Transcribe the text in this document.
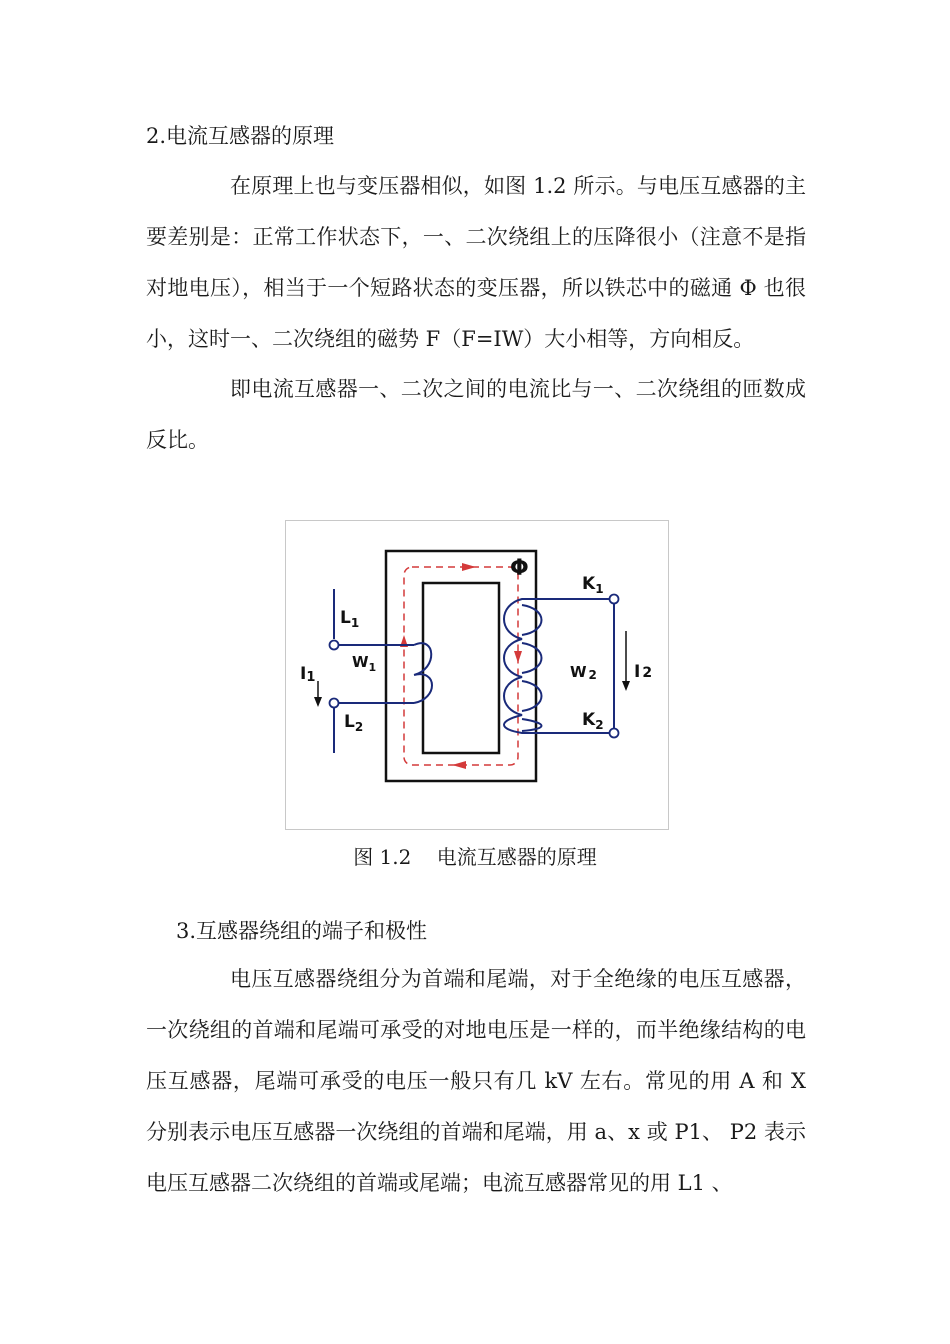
2.电流互感器的原理

在原理上也与变压器相似，如图 1.2 所示。与电压互感器的主要差别是：正常工作状态下，一、二次绕组上的压降很小（注意不是指对地电压），相当于一个短路状态的变压器，所以铁芯中的磁通 Φ 也很小，这时一、二次绕组的磁势 F（F=IW）大小相等，方向相反。

即电流互感器一、二次之间的电流比与一、二次绕组的匝数成反比。

Φ
$L_1$
$L_2$
$W_1$	W 2
$K_1$
$K_2$
I1	I 2
图 1.2    电流互感器的原理
3.互感器绕组的端子和极性

电压互感器绕组分为首端和尾端，对于全绝缘的电压互感器，一次绕组的首端和尾端可承受的对地电压是一样的，而半绝缘结构的电压互感器，尾端可承受的电压一般只有几 kV 左右。常见的用 A 和 X 分别表示电压互感器一次绕组的首端和尾端，用 a、x 或 P1、 P2 表示电压互感器二次绕组的首端或尾端；电流互感器常见的用 L1 、
